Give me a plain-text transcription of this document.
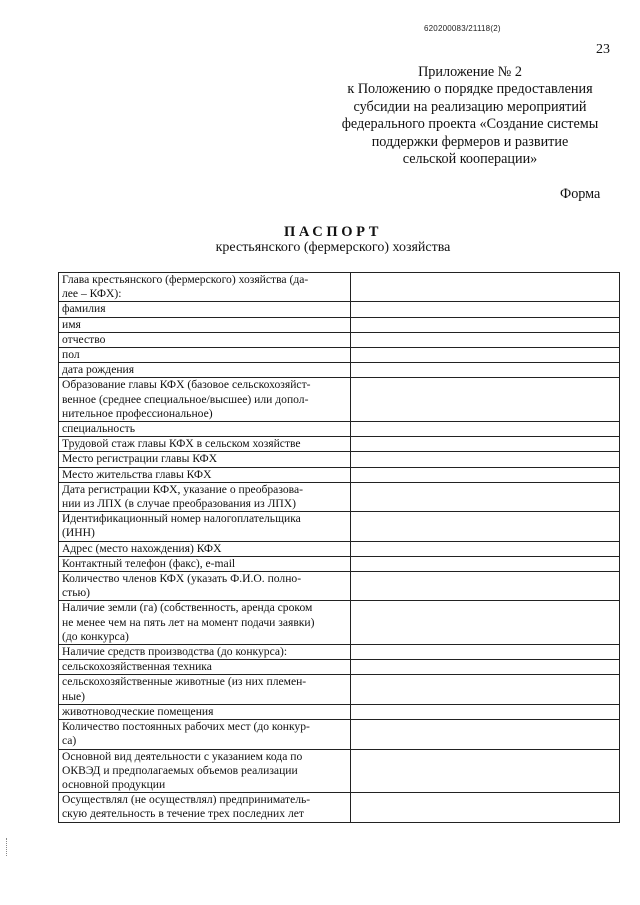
620200083/21118(2)
23
Приложение № 2
к Положению о порядке предоставления
субсидии на реализацию мероприятий
федерального проекта «Создание системы
поддержки фермеров и развитие
сельской кооперации»
Форма
ПАСПОРТ
крестьянского (фермерского) хозяйства
Глава крестьянского (фермерского) хозяйства (да-
лее – КФХ):	

фамилия	

имя	

отчество	

пол	

дата рождения	

Образование главы КФХ (базовое сельскохозяйст-
венное (среднее специальное/высшее) или допол-
нительное профессиональное)	

специальность	

Трудовой стаж главы КФХ в сельском хозяйстве	

Место регистрации главы КФХ	

Место жительства главы КФХ	

Дата регистрации КФХ, указание о преобразова-
нии из ЛПХ (в случае преобразования из ЛПХ)	

Идентификационный номер налогоплательщика
(ИНН)	

Адрес (место нахождения) КФХ	

Контактный телефон (факс), e-mail	

Количество членов КФХ (указать Ф.И.О. полно-
стью)	

Наличие земли (га) (собственность, аренда сроком
не менее чем на пять лет на момент подачи заявки)
(до конкурса)	

Наличие средств производства (до конкурса):	

сельскохозяйственная техника	

сельскохозяйственные животные (из них племен-
ные)	

животноводческие помещения	

Количество постоянных рабочих мест (до конкур-
са)	

Основной вид деятельности с указанием кода по
ОКВЭД и предполагаемых объемов реализации
основной продукции	

Осуществлял (не осуществлял) предприниматель-
скую деятельность в течение трех последних лет	
